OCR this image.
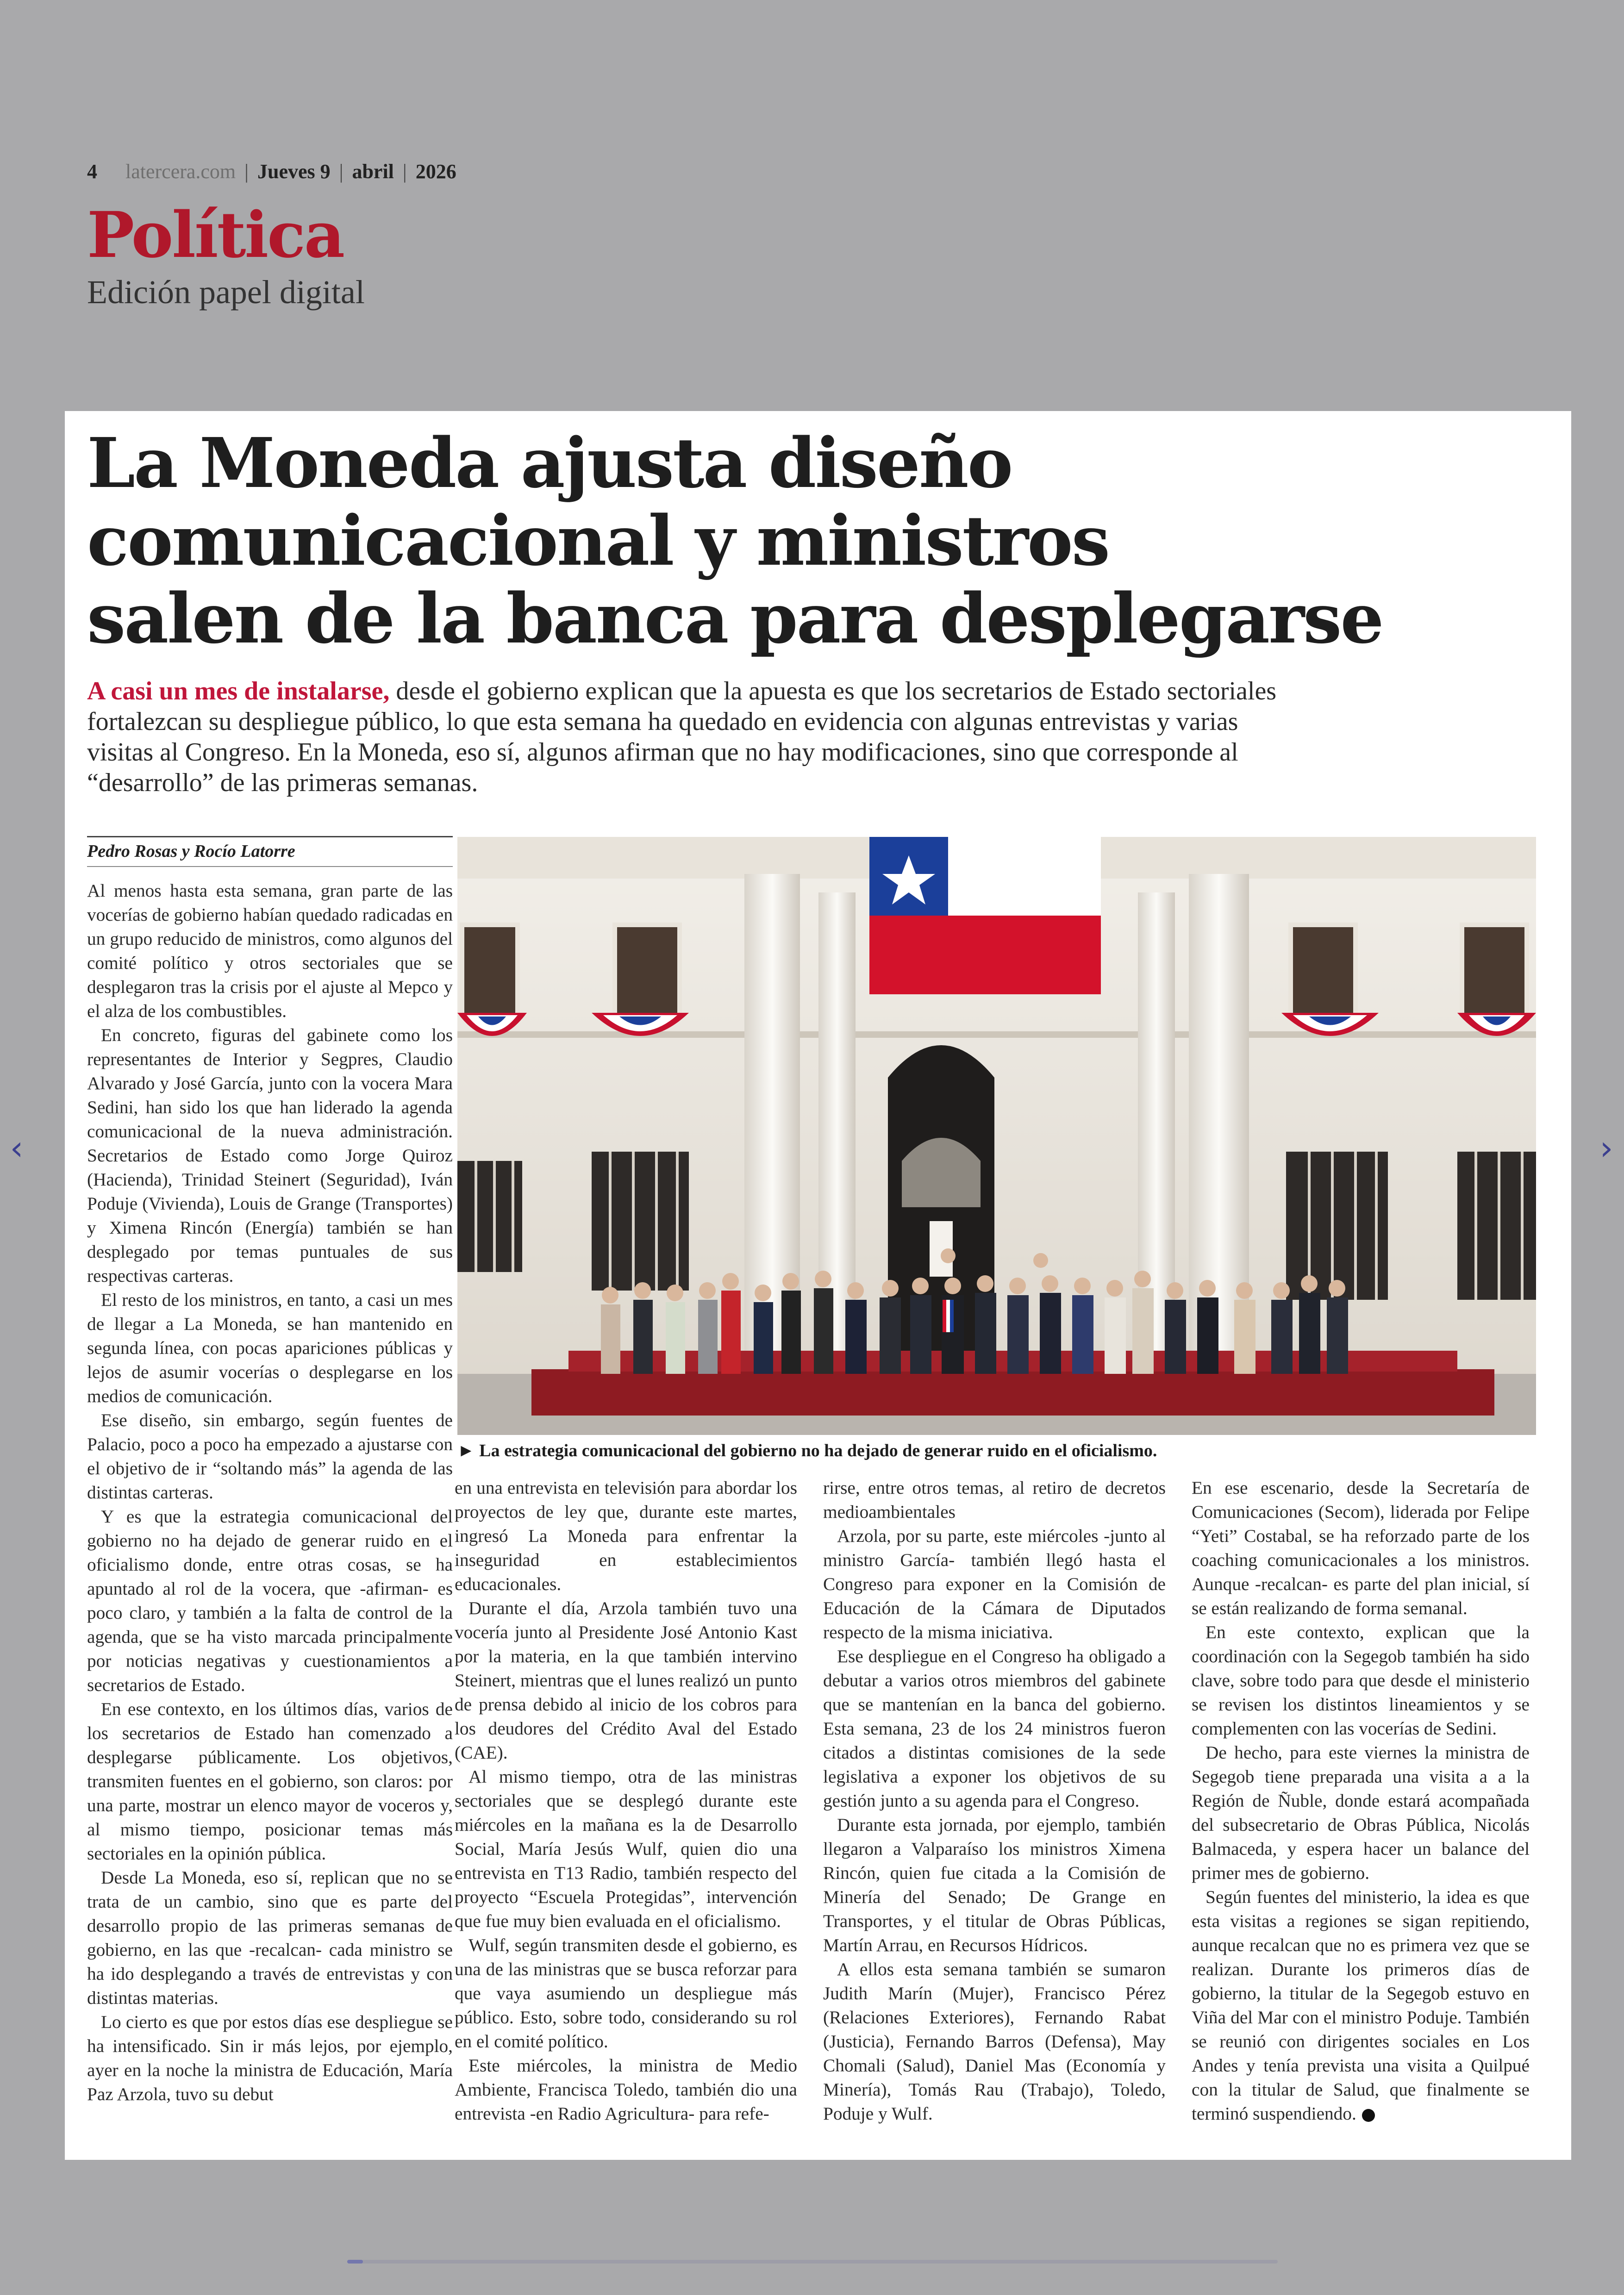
4 latercera.com | Jueves 9 | abril | 2026
Política
Edición papel digital
La Moneda ajusta diseño
comunicacional y ministros
salen de la banca para desplegarse
A casi un mes de instalarse, desde el gobierno explican que la apuesta es que los secretarios de Estado sectoriales fortalezcan su despliegue público, lo que esta semana ha quedado en evidencia con algunas entrevistas y varias visitas al Congreso. En la Moneda, eso sí, algunos afirman que no hay modificaciones, sino que corresponde al “desarrollo” de las primeras semanas.
Pedro Rosas y Rocío Latorre
► La estrategia comunicacional del gobierno no ha dejado de generar ruido en el oficialismo.

Al menos hasta esta semana, gran parte de las vocerías de gobierno habían quedado radicadas en un grupo reducido de ministros, como algunos del comité político y otros sectoriales que se desplegaron tras la crisis por el ajuste al Mepco y el alza de los combustibles.

En concreto, figuras del gabinete como los representantes de Interior y Segpres, Claudio Alvarado y José García, junto con la vocera Mara Sedini, han sido los que han liderado la agenda comunicacional de la nueva administración. Secretarios de Estado como Jorge Quiroz (Hacienda), Trinidad Steinert (Seguridad), Iván Poduje (Vivienda), Louis de Grange (Transportes) y Ximena Rincón (Energía) también se han desplegado por temas puntuales de sus respectivas carteras.

El resto de los ministros, en tanto, a casi un mes de llegar a La Moneda, se han mantenido en segunda línea, con pocas apariciones públicas y lejos de asumir vocerías o desplegarse en los medios de comunicación.

Ese diseño, sin embargo, según fuentes de Palacio, poco a poco ha empezado a ajustarse con el objetivo de ir “soltando más” la agenda de las distintas carteras.

Y es que la estrategia comunicacional del gobierno no ha dejado de generar ruido en el oficialismo donde, entre otras cosas, se ha apuntado al rol de la vocera, que -afirman- es poco claro, y también a la falta de control de la agenda, que se ha visto marcada principalmente por noticias negativas y cuestionamientos a secretarios de Estado.

En ese contexto, en los últimos días, varios de los secretarios de Estado han comenzado a desplegarse públicamente. Los objetivos, transmiten fuentes en el gobierno, son claros: por una parte, mostrar un elenco mayor de voceros y, al mismo tiempo, posicionar temas más sectoriales en la opinión pública.

Desde La Moneda, eso sí, replican que no se trata de un cambio, sino que es parte del desarrollo propio de las primeras semanas de gobierno, en las que -recalcan- cada ministro se ha ido desplegando a través de entrevistas y con distintas materias.

Lo cierto es que por estos días ese despliegue se ha intensificado. Sin ir más lejos, por ejemplo, ayer en la noche la ministra de Educación, María Paz Arzola, tuvo su debut

en una entrevista en televisión para abordar los proyectos de ley que, durante este martes, ingresó La Moneda para enfrentar la inseguridad en establecimientos educacionales.

Durante el día, Arzola también tuvo una vocería junto al Presidente José Antonio Kast por la materia, en la que también intervino Steinert, mientras que el lunes realizó un punto de prensa debido al inicio de los cobros para los deudores del Crédito Aval del Estado (CAE).

Al mismo tiempo, otra de las ministras sectoriales que se desplegó durante este miércoles en la mañana es la de Desarrollo Social, María Jesús Wulf, quien dio una entrevista en T13 Radio, también respecto del proyecto “Escuela Protegidas”, intervención que fue muy bien evaluada en el oficialismo.

Wulf, según transmiten desde el gobierno, es una de las ministras que se busca reforzar para que vaya asumiendo un despliegue más público. Esto, sobre todo, considerando su rol en el comité político.

Este miércoles, la ministra de Medio Ambiente, Francisca Toledo, también dio una entrevista -en Radio Agricultura- para refe-

rirse, entre otros temas, al retiro de decretos medioambientales

Arzola, por su parte, este miércoles -junto al ministro García- también llegó hasta el Congreso para exponer en la Comisión de Educación de la Cámara de Diputados respecto de la misma iniciativa.

Ese despliegue en el Congreso ha obligado a debutar a varios otros miembros del gabinete que se mantenían en la banca del gobierno. Esta semana, 23 de los 24 ministros fueron citados a distintas comisiones de la sede legislativa a exponer los objetivos de su gestión junto a su agenda para el Congreso.

Durante esta jornada, por ejemplo, también llegaron a Valparaíso los ministros Ximena Rincón, quien fue citada a la Comisión de Minería del Senado; De Grange en Transportes, y el titular de Obras Públicas, Martín Arrau, en Recursos Hídricos.

A ellos esta semana también se sumaron Judith Marín (Mujer), Francisco Pérez (Relaciones Exteriores), Fernando Rabat (Justicia), Fernando Barros (Defensa), May Chomali (Salud), Daniel Mas (Economía y Minería), Tomás Rau (Trabajo), Toledo, Poduje y Wulf.

En ese escenario, desde la Secretaría de Comunicaciones (Secom), liderada por Felipe “Yeti” Costabal, se ha reforzado parte de los coaching comunicacionales a los ministros. Aunque -recalcan- es parte del plan inicial, sí se están realizando de forma semanal.

En este contexto, explican que la coordinación con la Segegob también ha sido clave, sobre todo para que desde el ministerio se revisen los distintos lineamientos y se complementen con las vocerías de Sedini.

De hecho, para este viernes la ministra de Segegob tiene preparada una visita a a la Región de Ñuble, donde estará acompañada del subsecretario de Obras Pública, Nicolás Balmaceda, y espera hacer un balance del primer mes de gobierno.

Según fuentes del ministerio, la idea es que esta visitas a regiones se sigan repitiendo, aunque recalcan que no es primera vez que se realizan. Durante los primeros días de gobierno, la titular de la Segegob estuvo en Viña del Mar con el ministro Poduje. También se reunió con dirigentes sociales en Los Andes y tenía prevista una visita a Quilpué con la titular de Salud, que finalmente se terminó suspendiendo.

‹	›
